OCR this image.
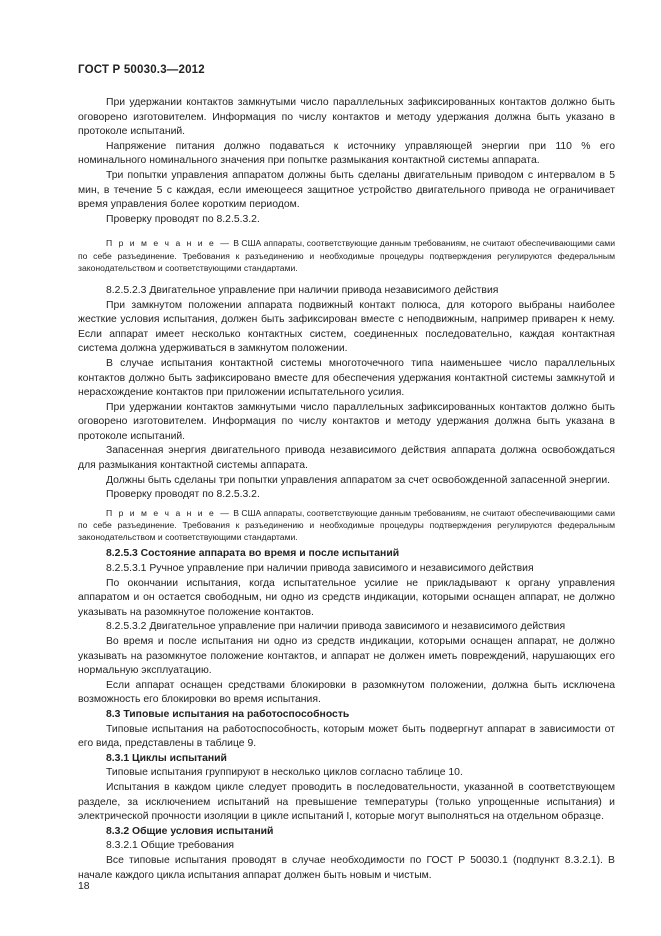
ГОСТ Р 50030.3—2012

При удержании контактов замкнутыми число параллельных зафиксированных контактов должно быть оговорено изготовителем. Информация по числу контактов и методу удержания должна быть указано в протоколе испытаний.

Напряжение питания должно подаваться к источнику управляющей энергии при 110 % его номинального номинального значения при попытке размыкания контактной системы аппарата.

Три попытки управления аппаратом должны быть сделаны двигательным приводом с интервалом в 5 мин, в течение 5 с каждая, если имеющееся защитное устройство двигательного привода не ограничивает время управления более коротким периодом.

Проверку проводят по 8.2.5.3.2.

П р и м е ч а н и е — В США аппараты, соответствующие данным требованиям, не считают обеспечивающими сами по себе разъединение. Требования к разъединению и необходимые процедуры подтверждения регулируются федеральным законодательством и соответствующими стандартами.

8.2.5.2.3 Двигательное управление при наличии привода независимого действия

При замкнутом положении аппарата подвижный контакт полюса, для которого выбраны наиболее жесткие условия испытания, должен быть зафиксирован вместе с неподвижным, например приварен к нему. Если аппарат имеет несколько контактных систем, соединенных последовательно, каждая контактная система должна удерживаться в замкнутом положении.

В случае испытания контактной системы многоточечного типа наименьшее число параллельных контактов должно быть зафиксировано вместе для обеспечения удержания контактной системы замкнутой и нерасхождение контактов при приложении испытательного усилия.

При удержании контактов замкнутыми число параллельных зафиксированных контактов должно быть оговорено изготовителем. Информация по числу контактов и методу удержания должна быть указана в протоколе испытаний.

Запасенная энергия двигательного привода независимого действия аппарата должна освобождаться для размыкания контактной системы аппарата.

Должны быть сделаны три попытки управления аппаратом за счет освобожденной запасенной энергии.

Проверку проводят по 8.2.5.3.2.

П р и м е ч а н и е — В США аппараты, соответствующие данным требованиям, не считают обеспечивающими сами по себе разъединение. Требования к разъединению и необходимые процедуры подтверждения регулируются федеральным законодательством и соответствующими стандартами.

8.2.5.3 Состояние аппарата во время и после испытаний

8.2.5.3.1 Ручное управление при наличии привода зависимого и независимого действия

По окончании испытания, когда испытательное усилие не прикладывают к органу управления аппаратом и он остается свободным, ни одно из средств индикации, которыми оснащен аппарат, не должно указывать на разомкнутое положение контактов.

8.2.5.3.2 Двигательное управление при наличии привода зависимого и независимого действия

Во время и после испытания ни одно из средств индикации, которыми оснащен аппарат, не должно указывать на разомкнутое положение контактов, и аппарат не должен иметь повреждений, нарушающих его нормальную эксплуатацию.

Если аппарат оснащен средствами блокировки в разомкнутом положении, должна быть исключена возможность его блокировки во время испытания.

8.3 Типовые испытания на работоспособность

Типовые испытания на работоспособность, которым может быть подвергнут аппарат в зависимости от его вида, представлены в таблице 9.

8.3.1 Циклы испытаний

Типовые испытания группируют в несколько циклов согласно таблице 10.

Испытания в каждом цикле следует проводить в последовательности, указанной в соответствующем разделе, за исключением испытаний на превышение температуры (только упрощенные испытания) и электрической прочности изоляции в цикле испытаний I, которые могут выполняться на отдельном образце.

8.3.2 Общие условия испытаний

8.3.2.1 Общие требования

Все типовые испытания проводят в случае необходимости по ГОСТ Р 50030.1 (подпункт 8.3.2.1). В начале каждого цикла испытания аппарат должен быть новым и чистым.

18
